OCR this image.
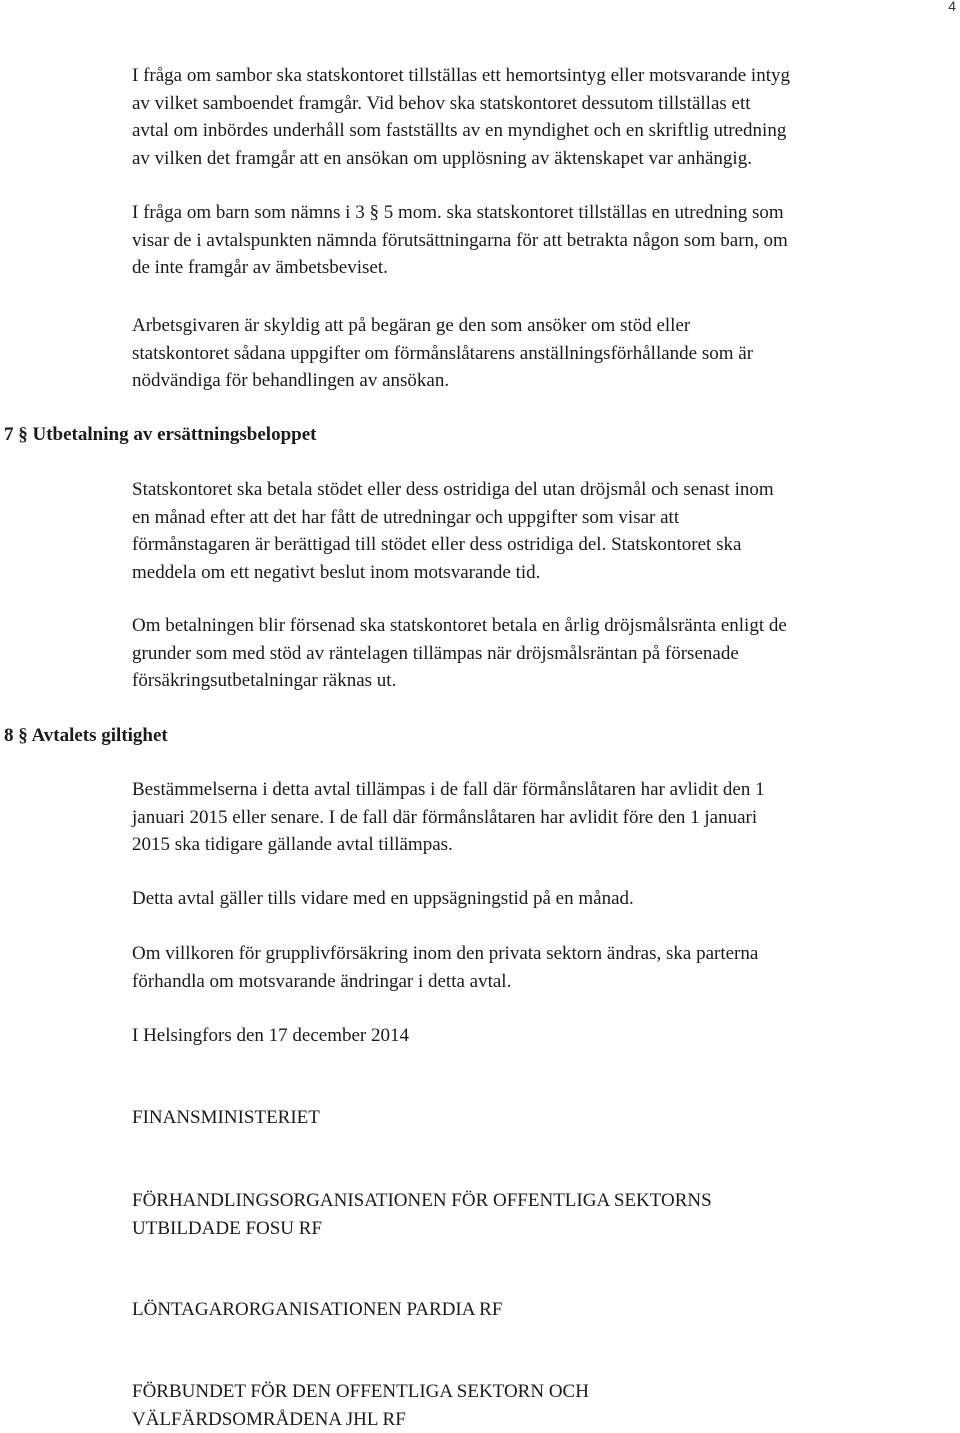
4

I fråga om sambor ska statskontoret tillställas ett hemortsintyg eller motsvarande intyg
av vilket samboendet framgår. Vid behov ska statskontoret dessutom tillställas ett
avtal om inbördes underhåll som fastställts av en myndighet och en skriftlig utredning
av vilken det framgår att en ansökan om upplösning av äktenskapet var anhängig.

I fråga om barn som nämns i 3 § 5 mom. ska statskontoret tillställas en utredning som
visar de i avtalspunkten nämnda förutsättningarna för att betrakta någon som barn, om
de inte framgår av ämbetsbeviset.

Arbetsgivaren är skyldig att på begäran ge den som ansöker om stöd eller
statskontoret sådana uppgifter om förmånslåtarens anställningsförhållande som är
nödvändiga för behandlingen av ansökan.

7 § Utbetalning av ersättningsbeloppet

Statskontoret ska betala stödet eller dess ostridiga del utan dröjsmål och senast inom
en månad efter att det har fått de utredningar och uppgifter som visar att
förmånstagaren är berättigad till stödet eller dess ostridiga del. Statskontoret ska
meddela om ett negativt beslut inom motsvarande tid.

Om betalningen blir försenad ska statskontoret betala en årlig dröjsmålsränta enligt de
grunder som med stöd av räntelagen tillämpas när dröjsmålsräntan på försenade
försäkringsutbetalningar räknas ut.

8 § Avtalets giltighet

Bestämmelserna i detta avtal tillämpas i de fall där förmånslåtaren har avlidit den 1
januari 2015 eller senare. I de fall där förmånslåtaren har avlidit före den 1 januari
2015 ska tidigare gällande avtal tillämpas.

Detta avtal gäller tills vidare med en uppsägningstid på en månad.

Om villkoren för grupplivförsäkring inom den privata sektorn ändras, ska parterna
förhandla om motsvarande ändringar i detta avtal.

I Helsingfors den 17 december 2014

FINANSMINISTERIET

FÖRHANDLINGSORGANISATIONEN FÖR OFFENTLIGA SEKTORNS
UTBILDADE FOSU RF

LÖNTAGARORGANISATIONEN PARDIA RF

FÖRBUNDET FÖR DEN OFFENTLIGA SEKTORN OCH
VÄLFÄRDSOMRÅDENA JHL RF
